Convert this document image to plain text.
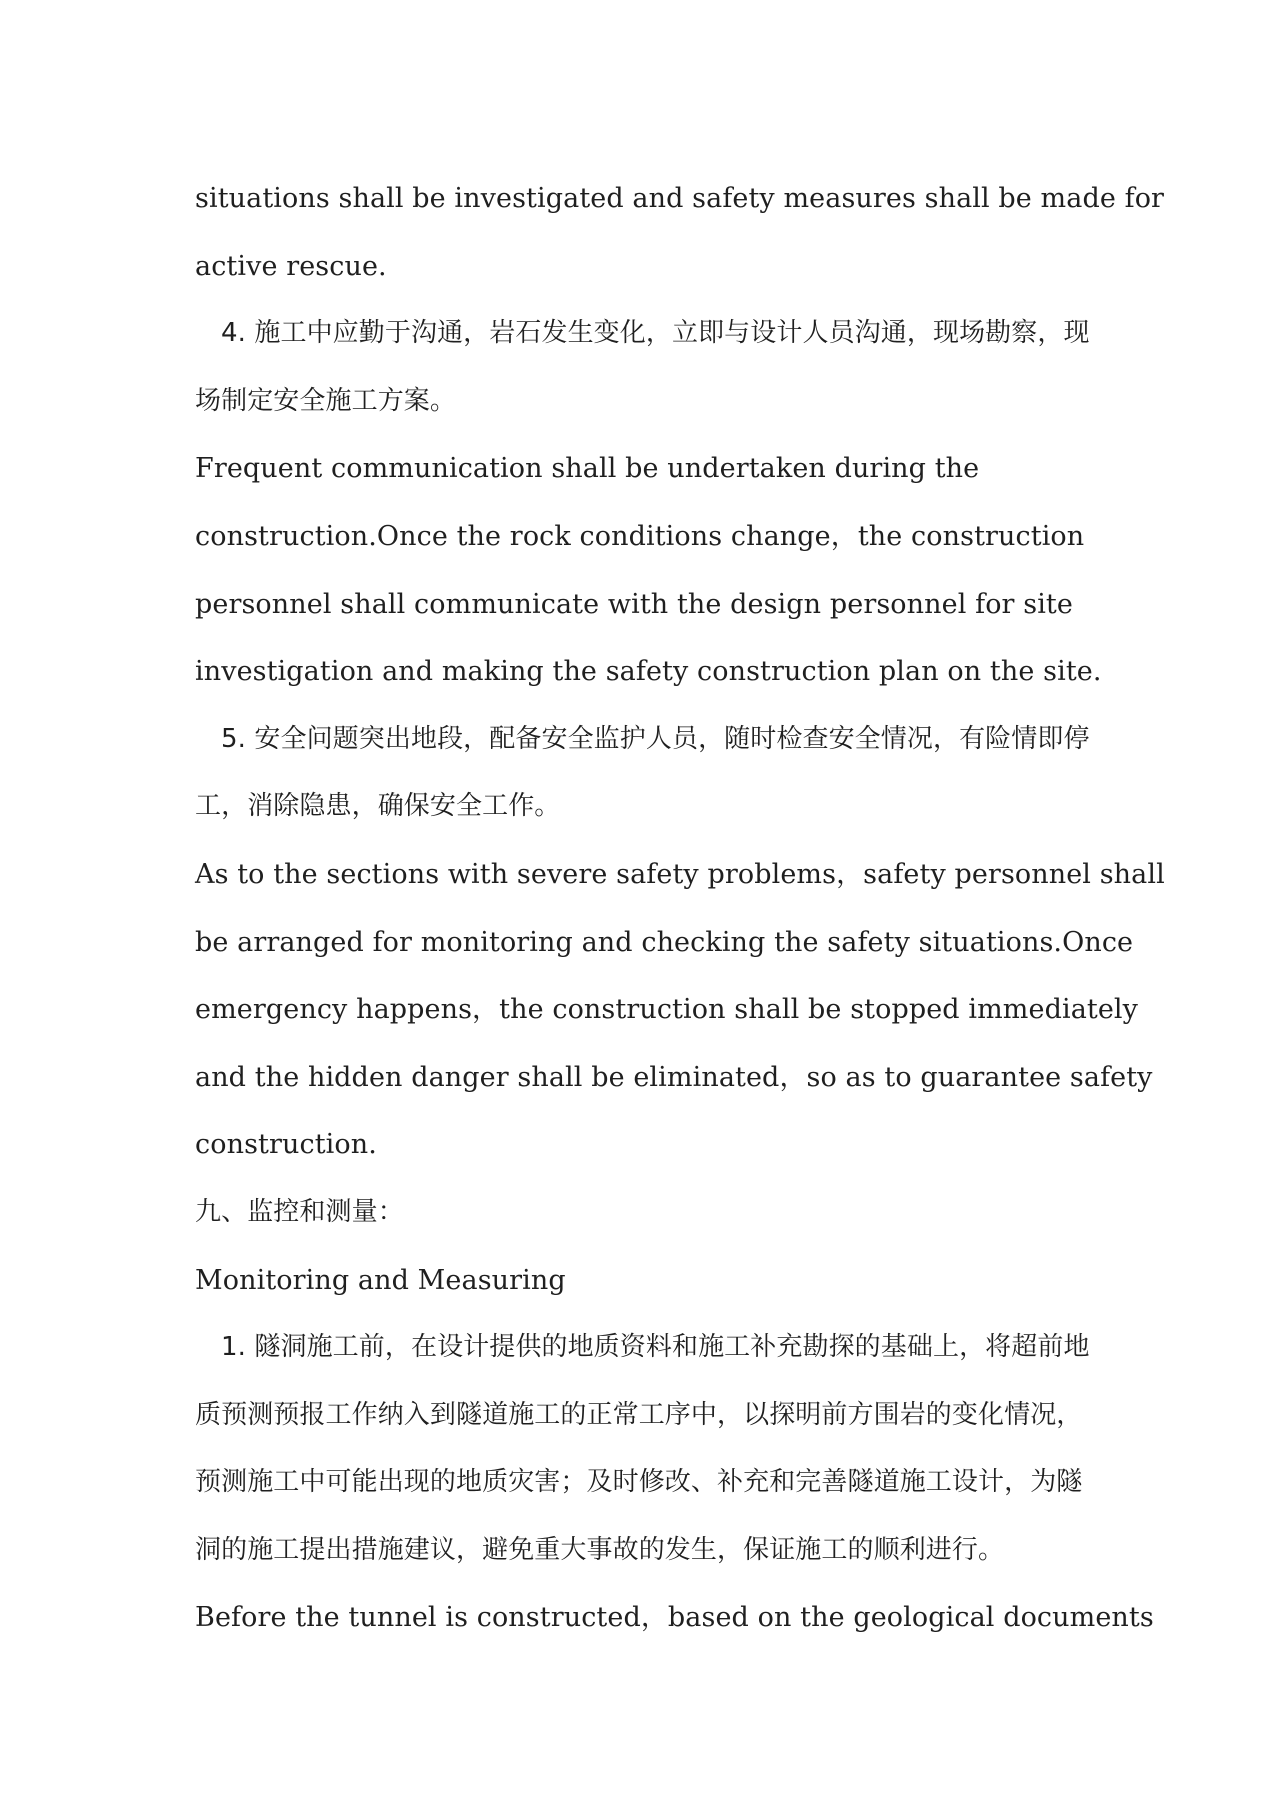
situations shall be investigated and safety measures shall be made for
active rescue.
4. 施工中应勤于沟通，岩石发生变化，立即与设计人员沟通，现场勘察，现
场制定安全施工方案。
Frequent communication shall be undertaken during the
construction.Once the rock conditions change，the construction
personnel shall communicate with the design personnel for site
investigation and making the safety construction plan on the site.
5. 安全问题突出地段，配备安全监护人员，随时检查安全情况，有险情即停
工，消除隐患，确保安全工作。
As to the sections with severe safety problems，safety personnel shall
be arranged for monitoring and checking the safety situations.Once
emergency happens，the construction shall be stopped immediately
and the hidden danger shall be eliminated，so as to guarantee safety
construction.
九、监控和测量：
Monitoring and Measuring
1. 隧洞施工前，在设计提供的地质资料和施工补充勘探的基础上，将超前地
质预测预报工作纳入到隧道施工的正常工序中，以探明前方围岩的变化情况，
预测施工中可能出现的地质灾害；及时修改、补充和完善隧道施工设计，为隧
洞的施工提出措施建议，避免重大事故的发生，保证施工的顺利进行。
Before the tunnel is constructed，based on the geological documents
